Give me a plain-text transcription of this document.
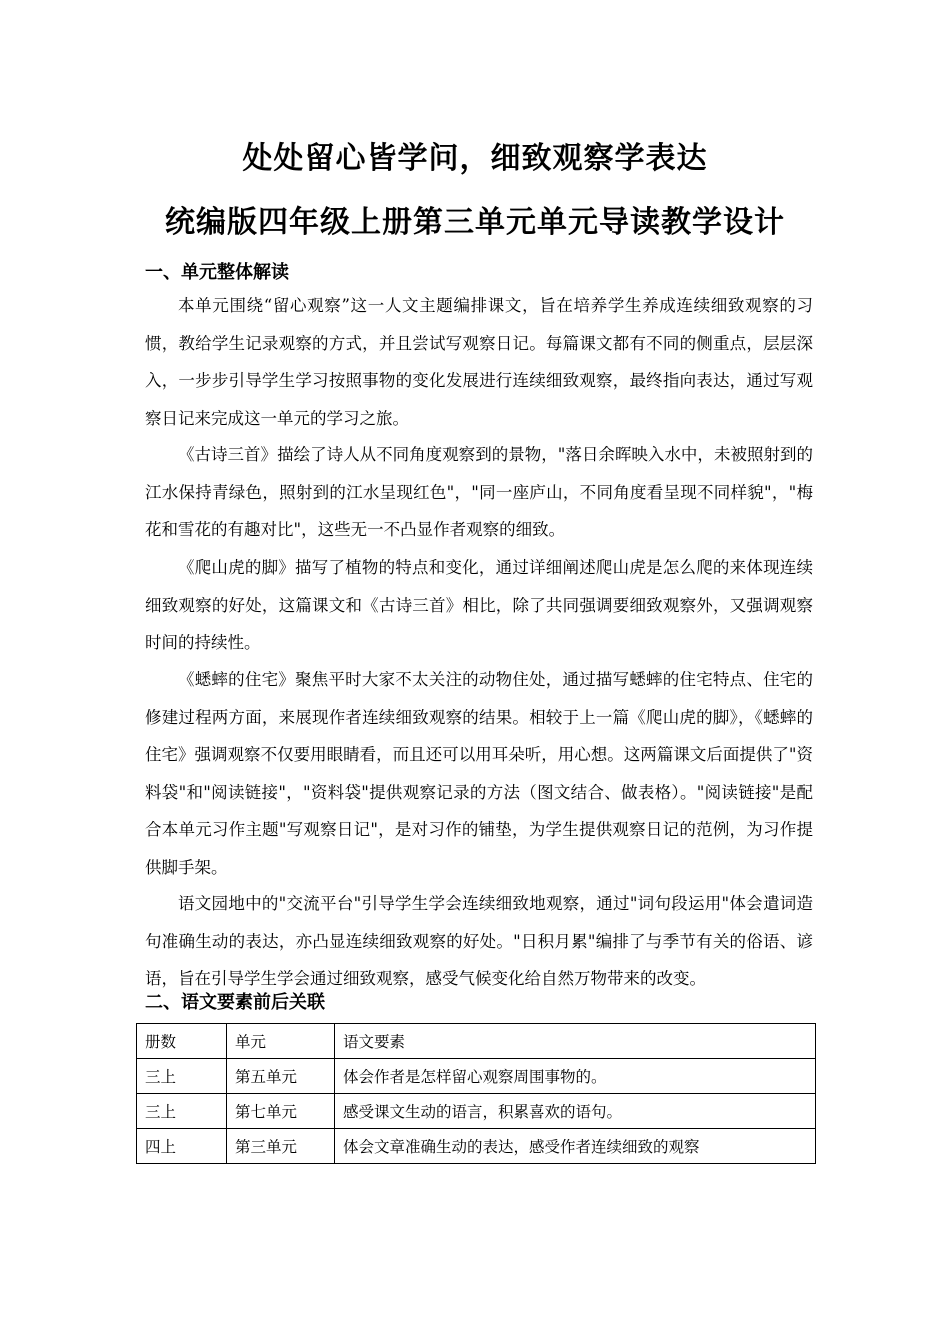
处处留心皆学问，细致观察学表达
统编版四年级上册第三单元单元导读教学设计
一、单元整体解读

本单元围绕“留心观察”这一人文主题编排课文，旨在培养学生养成连续细致观察的习惯，教给学生记录观察的方式，并且尝试写观察日记。每篇课文都有不同的侧重点，层层深入，一步步引导学生学习按照事物的变化发展进行连续细致观察，最终指向表达，通过写观察日记来完成这一单元的学习之旅。

《古诗三首》描绘了诗人从不同角度观察到的景物，"落日余晖映入水中，未被照射到的江水保持青绿色，照射到的江水呈现红色"，"同一座庐山，不同角度看呈现不同样貌"，"梅花和雪花的有趣对比"，这些无一不凸显作者观察的细致。

《爬山虎的脚》描写了植物的特点和变化，通过详细阐述爬山虎是怎么爬的来体现连续细致观察的好处，这篇课文和《古诗三首》相比，除了共同强调要细致观察外，又强调观察时间的持续性。

《蟋蟀的住宅》聚焦平时大家不太关注的动物住处，通过描写蟋蟀的住宅特点、住宅的修建过程两方面，来展现作者连续细致观察的结果。相较于上一篇《爬山虎的脚》，《蟋蟀的住宅》强调观察不仅要用眼睛看，而且还可以用耳朵听，用心想。这两篇课文后面提供了"资料袋"和"阅读链接"，"资料袋"提供观察记录的方法（图文结合、做表格）。"阅读链接"是配合本单元习作主题"写观察日记"，是对习作的铺垫，为学生提供观察日记的范例，为习作提供脚手架。

语文园地中的"交流平台"引导学生学会连续细致地观察，通过"词句段运用"体会遣词造句准确生动的表达，亦凸显连续细致观察的好处。"日积月累"编排了与季节有关的俗语、谚语，旨在引导学生学会通过细致观察，感受气候变化给自然万物带来的改变。

二、语文要素前后关联
册数	单元	语文要素
三上	第五单元	体会作者是怎样留心观察周围事物的。
三上	第七单元	感受课文生动的语言，积累喜欢的语句。
四上	第三单元	体会文章准确生动的表达，感受作者连续细致的观察
